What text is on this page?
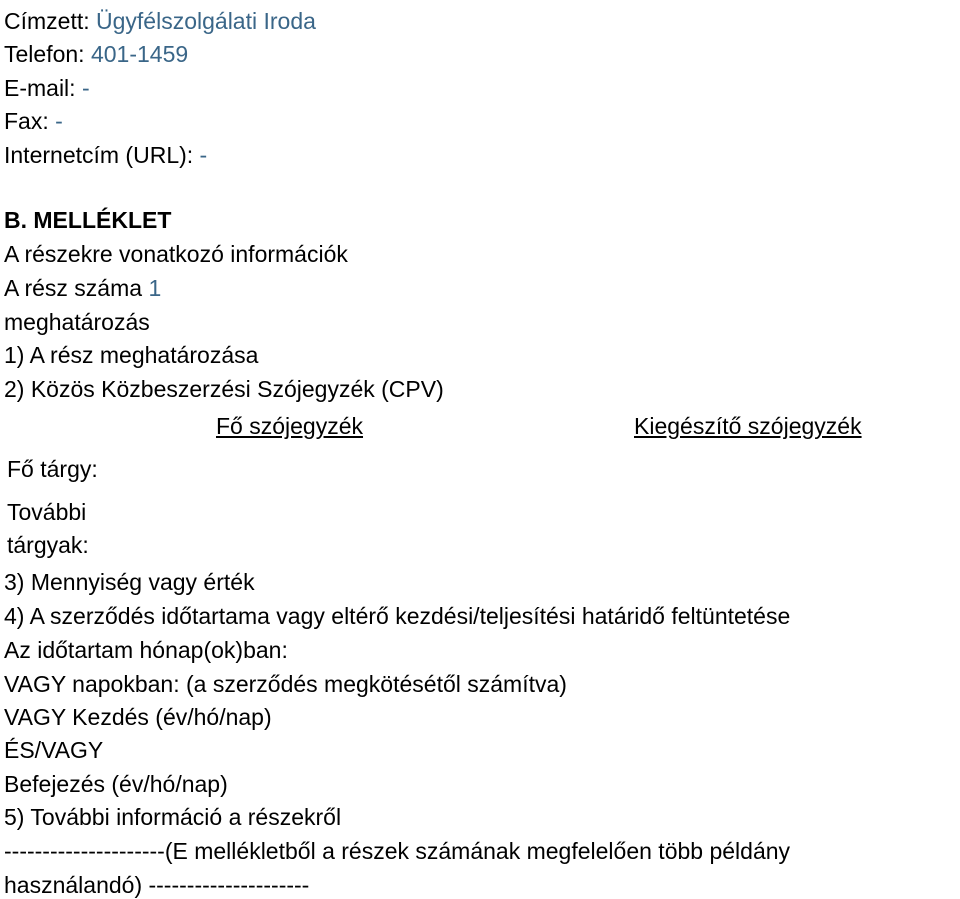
Címzett: Ügyfélszolgálati Iroda
Telefon: 401-1459
E-mail: -
Fax: -
Internetcím (URL): -
B. MELLÉKLET
A részekre vonatkozó információk
A rész száma 1
meghatározás
1) A rész meghatározása
2) Közös Közbeszerzési Szójegyzék (CPV)
Fő szójegyzék	Kiegészítő szójegyzék
Fő tárgy:
További
tárgyak:
3) Mennyiség vagy érték
4) A szerződés időtartama vagy eltérő kezdési/teljesítési határidő feltüntetése
Az időtartam hónap(ok)ban:
VAGY napokban: (a szerződés megkötésétől számítva)
VAGY Kezdés (év/hó/nap)
ÉS/VAGY
Befejezés (év/hó/nap)
5) További információ a részekről
---------------------(E mellékletből a részek számának megfelelően több példány
használandó) ---------------------
